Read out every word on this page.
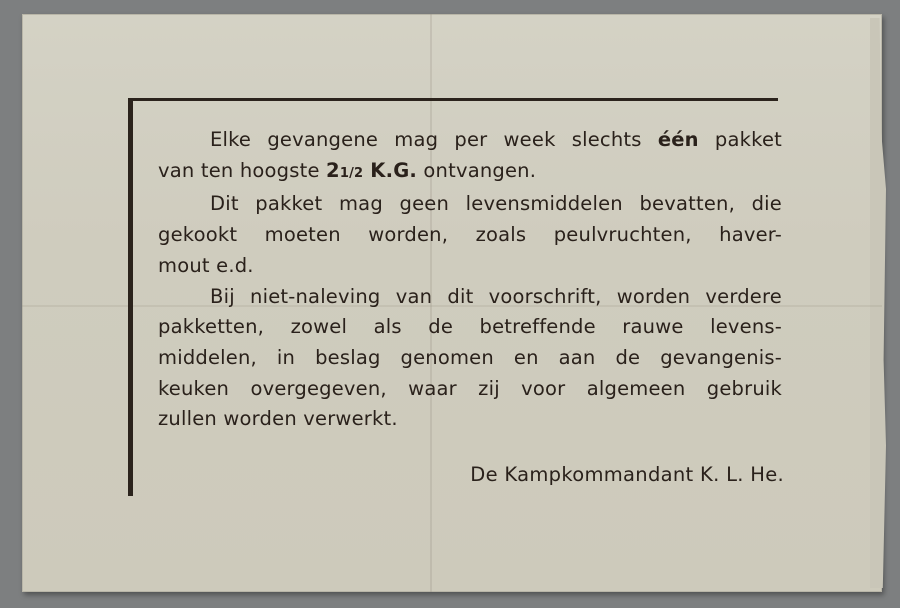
Elke gevangene mag per week slechts één pakket
van ten hoogste 21/2 K.G. ontvangen.
Dit pakket mag geen levensmiddelen bevatten, die
gekookt moeten worden, zoals peulvruchten, haver-
mout e.d.
Bij niet-naleving van dit voorschrift, worden verdere
pakketten, zowel als de betreffende rauwe levens-
middelen, in beslag genomen en aan de gevangenis-
keuken overgegeven, waar zij voor algemeen gebruik
zullen worden verwerkt.
De Kampkommandant K. L. He.
